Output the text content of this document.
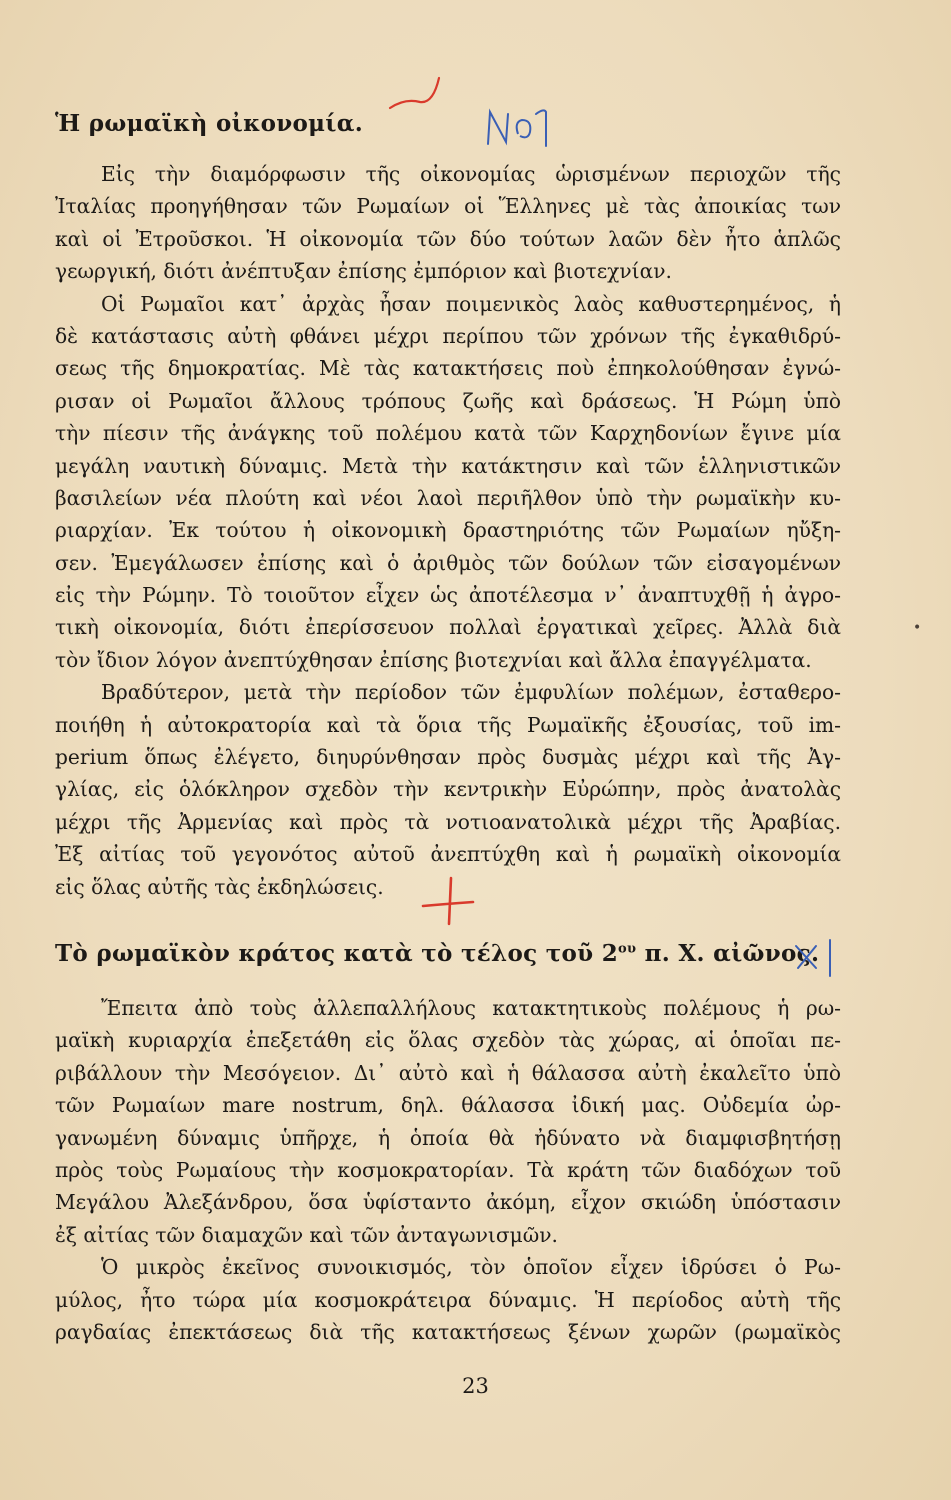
Ἡ ρωμαϊκὴ οἰκονομία.
Εἰς τὴν διαμόρφωσιν τῆς οἰκονομίας ὡρισμένων περιοχῶν τῆς
Ἰταλίας προηγήθησαν τῶν Ρωμαίων οἱ Ἕλληνες μὲ τὰς ἀποικίας των
καὶ οἱ Ἐτροῦσκοι. Ἡ οἰκονομία τῶν δύο τούτων λαῶν δὲν ἦτο ἁπλῶς
γεωργική, διότι ἀνέπτυξαν ἐπίσης ἐμπόριον καὶ βιοτεχνίαν.
Οἱ Ρωμαῖοι κατ᾽ ἀρχὰς ἦσαν ποιμενικὸς λαὸς καθυστερημένος, ἡ
δὲ κατάστασις αὐτὴ φθάνει μέχρι περίπου τῶν χρόνων τῆς ἐγκαθιδρύ-
σεως τῆς δημοκρατίας. Μὲ τὰς κατακτήσεις ποὺ ἐπηκολούθησαν ἐγνώ-
ρισαν οἱ Ρωμαῖοι ἄλλους τρόπους ζωῆς καὶ δράσεως. Ἡ Ρώμη ὑπὸ
τὴν πίεσιν τῆς ἀνάγκης τοῦ πολέμου κατὰ τῶν Καρχηδονίων ἔγινε μία
μεγάλη ναυτικὴ δύναμις. Μετὰ τὴν κατάκτησιν καὶ τῶν ἑλληνιστικῶν
βασιλείων νέα πλούτη καὶ νέοι λαοὶ περιῆλθον ὑπὸ τὴν ρωμαϊκὴν κυ-
ριαρχίαν. Ἐκ τούτου ἡ οἰκονομικὴ δραστηριότης τῶν Ρωμαίων ηὔξη-
σεν. Ἐμεγάλωσεν ἐπίσης καὶ ὁ ἀριθμὸς τῶν δούλων τῶν εἰσαγομένων
εἰς τὴν Ρώμην. Τὸ τοιοῦτον εἶχεν ὡς ἀποτέλεσμα ν᾽ ἀναπτυχθῇ ἡ ἀγρο-
τικὴ οἰκονομία, διότι ἐπερίσσευον πολλαὶ ἐργατικαὶ χεῖρες. Ἀλλὰ διὰ
τὸν ἴδιον λόγον ἀνεπτύχθησαν ἐπίσης βιοτεχνίαι καὶ ἄλλα ἐπαγγέλματα.
Βραδύτερον, μετὰ τὴν περίοδον τῶν ἐμφυλίων πολέμων, ἐσταθερο-
ποιήθη ἡ αὐτοκρατορία καὶ τὰ ὅρια τῆς Ρωμαϊκῆς ἐξουσίας, τοῦ im-
perium ὅπως ἐλέγετο, διηυρύνθησαν πρὸς δυσμὰς μέχρι καὶ τῆς Ἀγ-
γλίας, εἰς ὁλόκληρον σχεδὸν τὴν κεντρικὴν Εὐρώπην, πρὸς ἀνατολὰς
μέχρι τῆς Ἀρμενίας καὶ πρὸς τὰ νοτιοανατολικὰ μέχρι τῆς Ἀραβίας.
Ἐξ αἰτίας τοῦ γεγονότος αὐτοῦ ἀνεπτύχθη καὶ ἡ ρωμαϊκὴ οἰκονομία
εἰς ὅλας αὐτῆς τὰς ἐκδηλώσεις.
Τὸ ρωμαϊκὸν κράτος κατὰ τὸ τέλος τοῦ $2^{o\upsilon}$ π. Χ. αἰῶνος.
Ἔπειτα ἀπὸ τοὺς ἀλλεπαλλήλους κατακτητικοὺς πολέμους ἡ ρω-
μαϊκὴ κυριαρχία ἐπεξετάθη εἰς ὅλας σχεδὸν τὰς χώρας, αἱ ὁποῖαι πε-
ριβάλλουν τὴν Μεσόγειον. Δι᾽ αὐτὸ καὶ ἡ θάλασσα αὐτὴ ἐκαλεῖτο ὑπὸ
τῶν Ρωμαίων mare nostrum, δηλ. θάλασσα ἰδική μας. Οὐδεμία ὠρ-
γανωμένη δύναμις ὑπῆρχε, ἡ ὁποία θὰ ἠδύνατο νὰ διαμφισβητήσῃ
πρὸς τοὺς Ρωμαίους τὴν κοσμοκρατορίαν. Τὰ κράτη τῶν διαδόχων τοῦ
Μεγάλου Ἀλεξάνδρου, ὅσα ὑφίσταντο ἀκόμη, εἶχον σκιώδη ὑπόστασιν
ἐξ αἰτίας τῶν διαμαχῶν καὶ τῶν ἀνταγωνισμῶν.
Ὁ μικρὸς ἐκεῖνος συνοικισμός, τὸν ὁποῖον εἶχεν ἱδρύσει ὁ Ρω-
μύλος, ἦτο τώρα μία κοσμοκράτειρα δύναμις. Ἡ περίοδος αὐτὴ τῆς
ραγδαίας ἐπεκτάσεως διὰ τῆς κατακτήσεως ξένων χωρῶν (ρωμαϊκὸς
•
23
